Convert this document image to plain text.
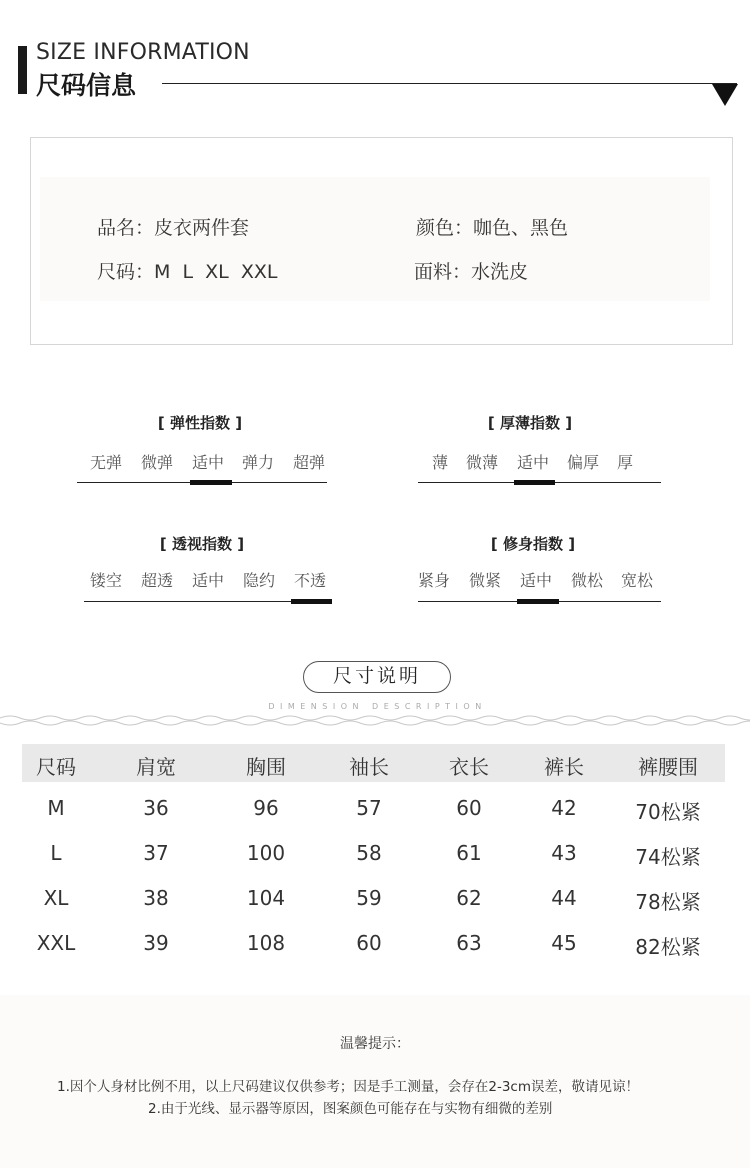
SIZE INFORMATION
尺码信息
品名：皮衣两件套	颜色：咖色、黑色
尺码：M  L  XL  XXL	面料：水洗皮
[ 弹性指数 ]
无弹 微弹 适中 弹力 超弹
[ 厚薄指数 ]
薄 微薄 适中 偏厚 厚
[ 透视指数 ]
镂空 超透 适中 隐约 不透
[ 修身指数 ]
紧身 微紧 适中 微松 宽松
尺寸说明
DIMENSION DESCRIPTION
尺码	肩宽	胸围	袖长	衣长	裤长	裤腰围
M	36	96	57	60	42	70松紧
L	37	100	58	61	43	74松紧
XL	38	104	59	62	44	78松紧
XXL	39	108	60	63	45	82松紧
温馨提示：
1.因个人身材比例不用，以上尺码建议仅供参考；因是手工测量，会存在2-3cm误差，敬请见谅！
2.由于光线、显示器等原因，图案颜色可能存在与实物有细微的差别
